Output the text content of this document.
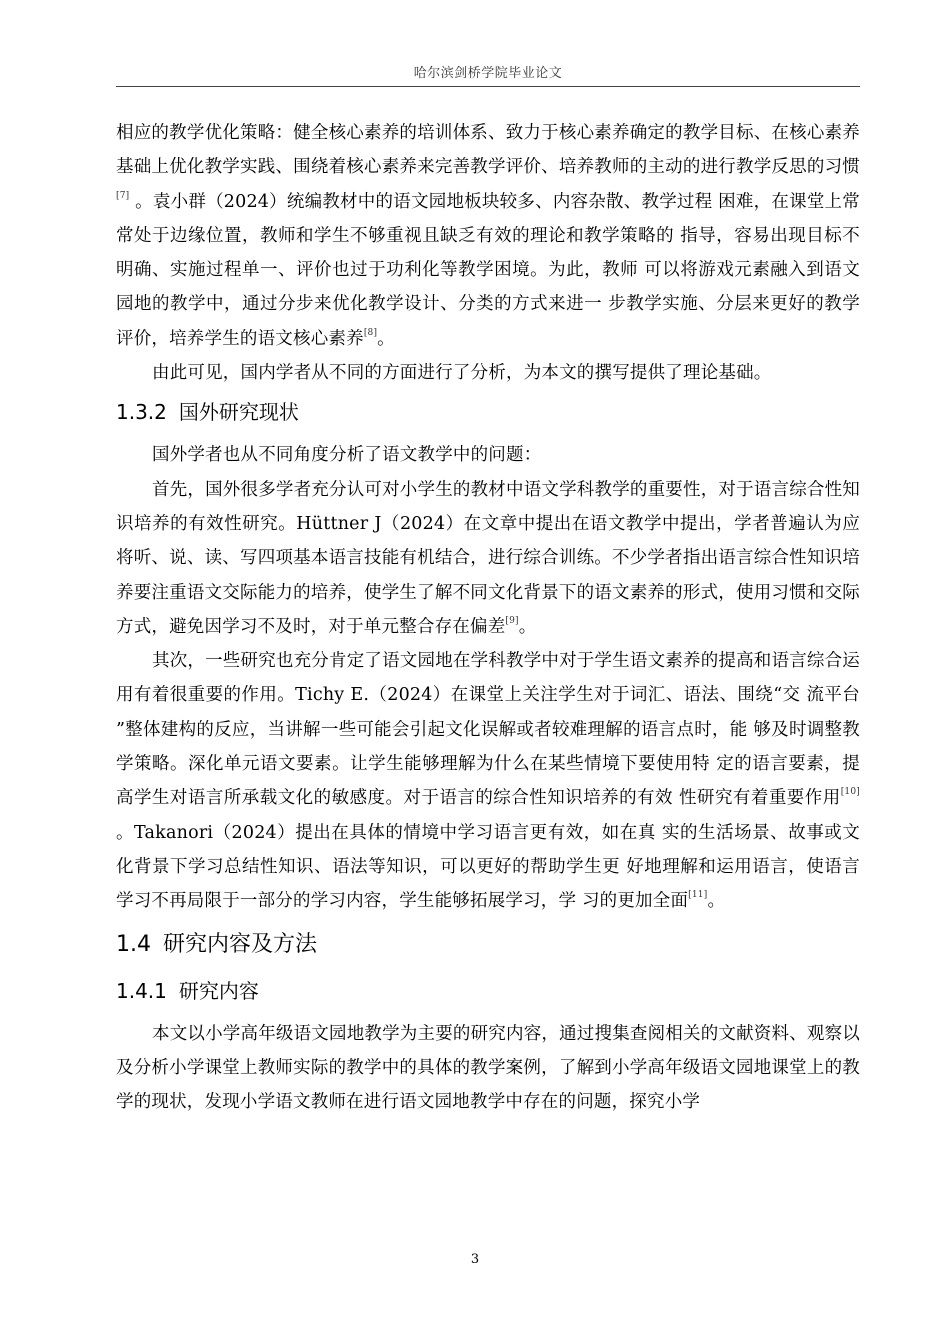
哈尔滨剑桥学院毕业论文

相应的教学优化策略：健全核心素养的培训体系、致力于核心素养确定的教学目标、在核心素养基础上优化教学实践、围绕着核心素养来完善教学评价、培养教师的主动的进行教学反思的习惯[7] 。袁小群（2024）统编教材中的语文园地板块较多、内容杂散、教学过程 困难，在课堂上常常处于边缘位置，教师和学生不够重视且缺乏有效的理论和教学策略的 指导，容易出现目标不明确、实施过程单一、评价也过于功利化等教学困境。为此，教师 可以将游戏元素融入到语文园地的教学中，通过分步来优化教学设计、分类的方式来进一 步教学实施、分层来更好的教学评价，培养学生的语文核心素养[8]。

由此可见，国内学者从不同的方面进行了分析，为本文的撰写提供了理论基础。

1.3.2 国外研究现状

国外学者也从不同角度分析了语文教学中的问题：

首先，国外很多学者充分认可对小学生的教材中语文学科教学的重要性，对于语言综合性知识培养的有效性研究。Hüttner J（2024）在文章中提出在语文教学中提出，学者普遍认为应将听、说、读、写四项基本语言技能有机结合，进行综合训练。不少学者指出语言综合性知识培养要注重语文交际能力的培养，使学生了解不同文化背景下的语文素养的形式，使用习惯和交际方式，避免因学习不及时，对于单元整合存在偏差[9]。

其次，一些研究也充分肯定了语文园地在学科教学中对于学生语文素养的提高和语言综合运用有着很重要的作用。Tichy E.（2024）在课堂上关注学生对于词汇、语法、围绕“交 流平台 ”整体建构的反应，当讲解一些可能会引起文化误解或者较难理解的语言点时，能 够及时调整教学策略。深化单元语文要素。让学生能够理解为什么在某些情境下要使用特 定的语言要素，提高学生对语言所承载文化的敏感度。对于语言的综合性知识培养的有效 性研究有着重要作用[10] 。Takanori（2024）提出在具体的情境中学习语言更有效，如在真 实的生活场景、故事或文化背景下学习总结性知识、语法等知识，可以更好的帮助学生更 好地理解和运用语言，使语言学习不再局限于一部分的学习内容，学生能够拓展学习，学 习的更加全面[11]。

1.4 研究内容及方法
1.4.1 研究内容

本文以小学高年级语文园地教学为主要的研究内容，通过搜集查阅相关的文献资料、观察以及分析小学课堂上教师实际的教学中的具体的教学案例，了解到小学高年级语文园地课堂上的教学的现状，发现小学语文教师在进行语文园地教学中存在的问题，探究小学

3
